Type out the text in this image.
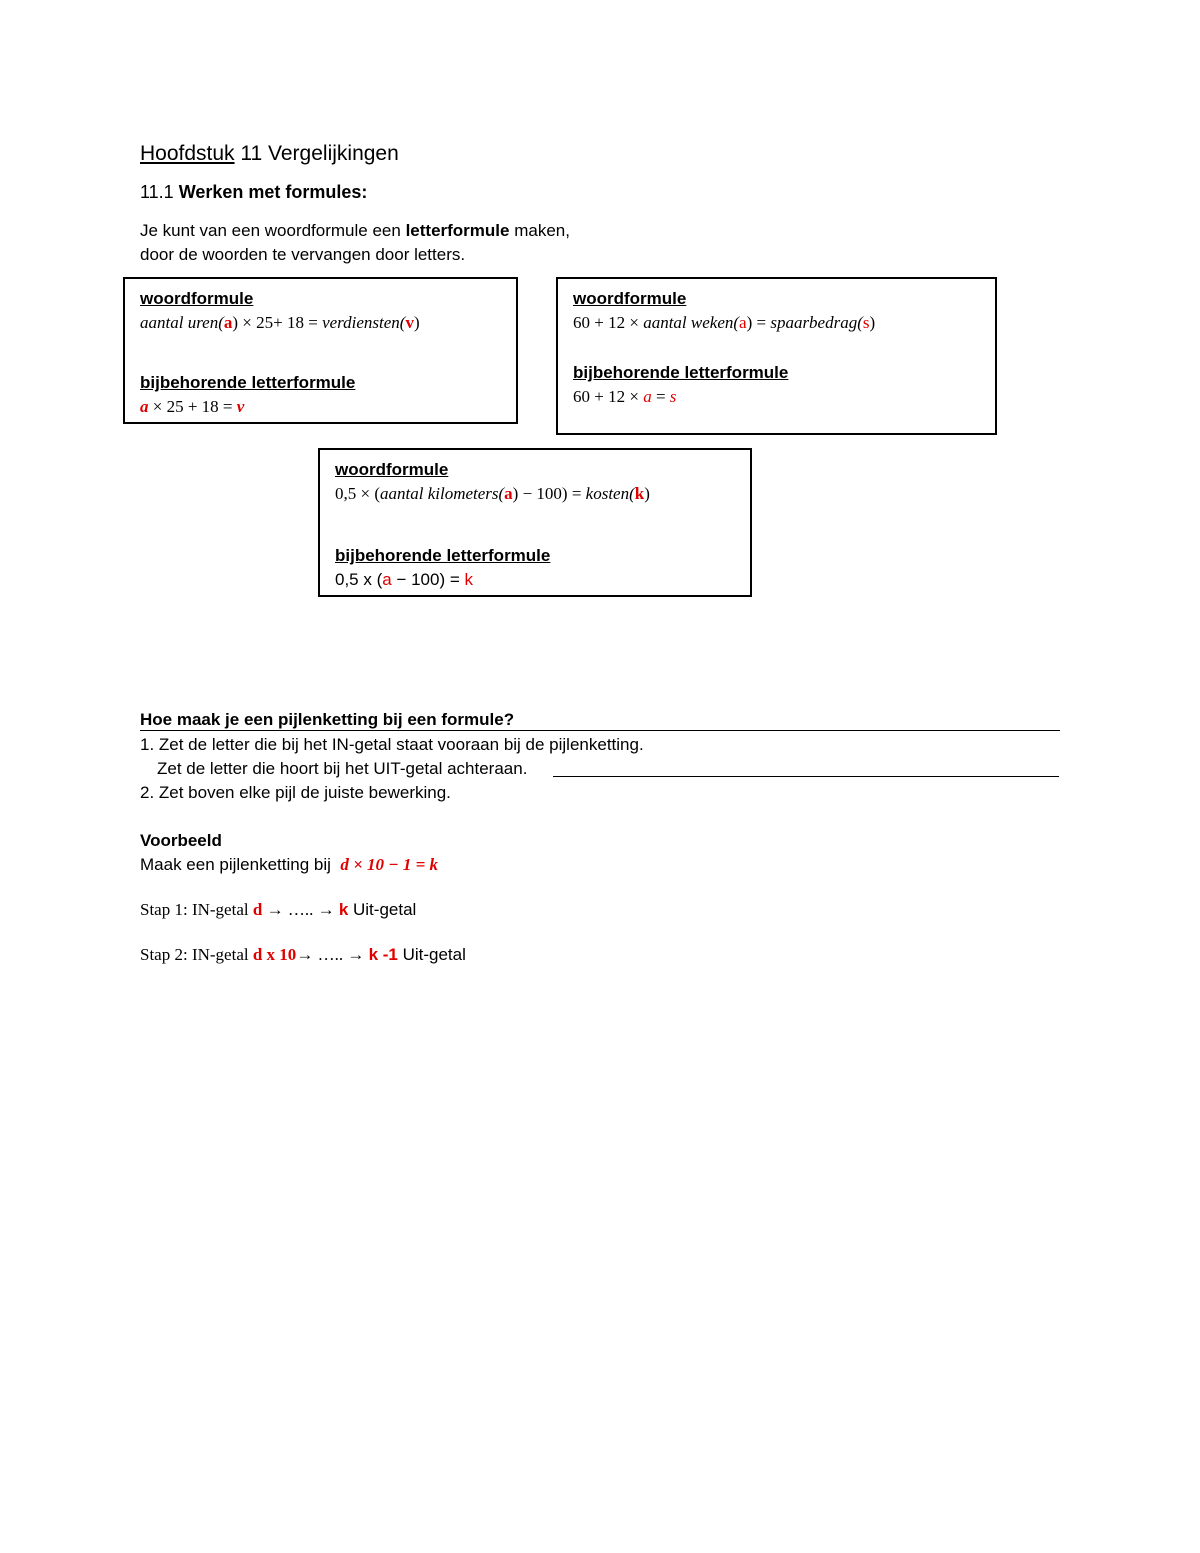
Hoofdstuk 11 Vergelijkingen
11.1 Werken met formules:
Je kunt van een woordformule een letterformule maken,
door de woorden te vervangen door letters.
woordformule
aantal uren(a) × 25+ 18 = verdiensten(v)
bijbehorende letterformule
a × 25 + 18 = v
woordformule
60 + 12 × aantal weken(a) = spaarbedrag(s)
bijbehorende letterformule
60 + 12 × a = s
woordformule
0,5 × (aantal kilometers(a) − 100) = kosten(k)
bijbehorende letterformule
0,5 x (a − 100) = k
Hoe maak je een pijlenketting bij een formule?
1. Zet de letter die bij het IN-getal staat vooraan bij de pijlenketting.
Zet de letter die hoort bij het UIT-getal achteraan.
2. Zet boven elke pijl de juiste bewerking.
Voorbeeld
Maak een pijlenketting bij  d × 10 − 1 = k
Stap 1: IN-getal d → ….. → k Uit-getal
Stap 2: IN-getal d x 10→ ….. → k -1 Uit-getal
